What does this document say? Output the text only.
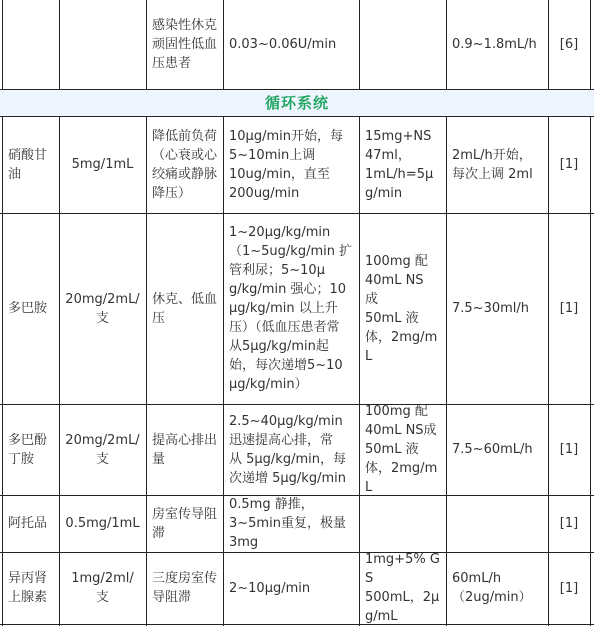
循环系统
感染性休克
顽固性低血
压患者
0.03~0.06U/min	0.9~1.8mL/h [6]
硝酸甘
油
5mg/1mL
降低前负荷
（心衰或心
绞痛或静脉
降压）
10μg/min开始，每
5~10min上调
10ug/min，直至
200ug/min
15mg+NS
47ml，
1mL/h=5μ
g/min
2mL/h开始，
每次上调 2ml
[1]
多巴胺
20mg/2mL/
支
休克、低血
压
1~20μg/kg/min
（1~5ug/kg/min 扩
管利尿；5~10μ
g/kg/min 强心；10
μg/kg/min 以上升
压）（低血压患者常
从5μg/kg/min起
始，每次递增5~10
μg/kg/min）
100mg 配
40mL NS 成
50mL 液
体，2mg/mL
7.5~30ml/h [1]
多巴酚
丁胺
20mg/2mL/
支
提高心排出
量
2.5~40μg/kg/min
迅速提高心排，常
从 5μg/kg/min，每
次递增 5μg/kg/min
100mg 配
40mL NS成
50mL 液
体，2mg/mL
7.5~60mL/h [1]
阿托品 0.5mg/1mL
房室传导阻
滞
0.5mg 静推，
3~5min重复，极量
3mg
[1]
异丙肾
上腺素
1mg/2ml/支
三度房室传
导阻滞
2~10μg/min
1mg+5% GS
500mL，2μ
g/mL
60mL/h
（2ug/min）
[1]
